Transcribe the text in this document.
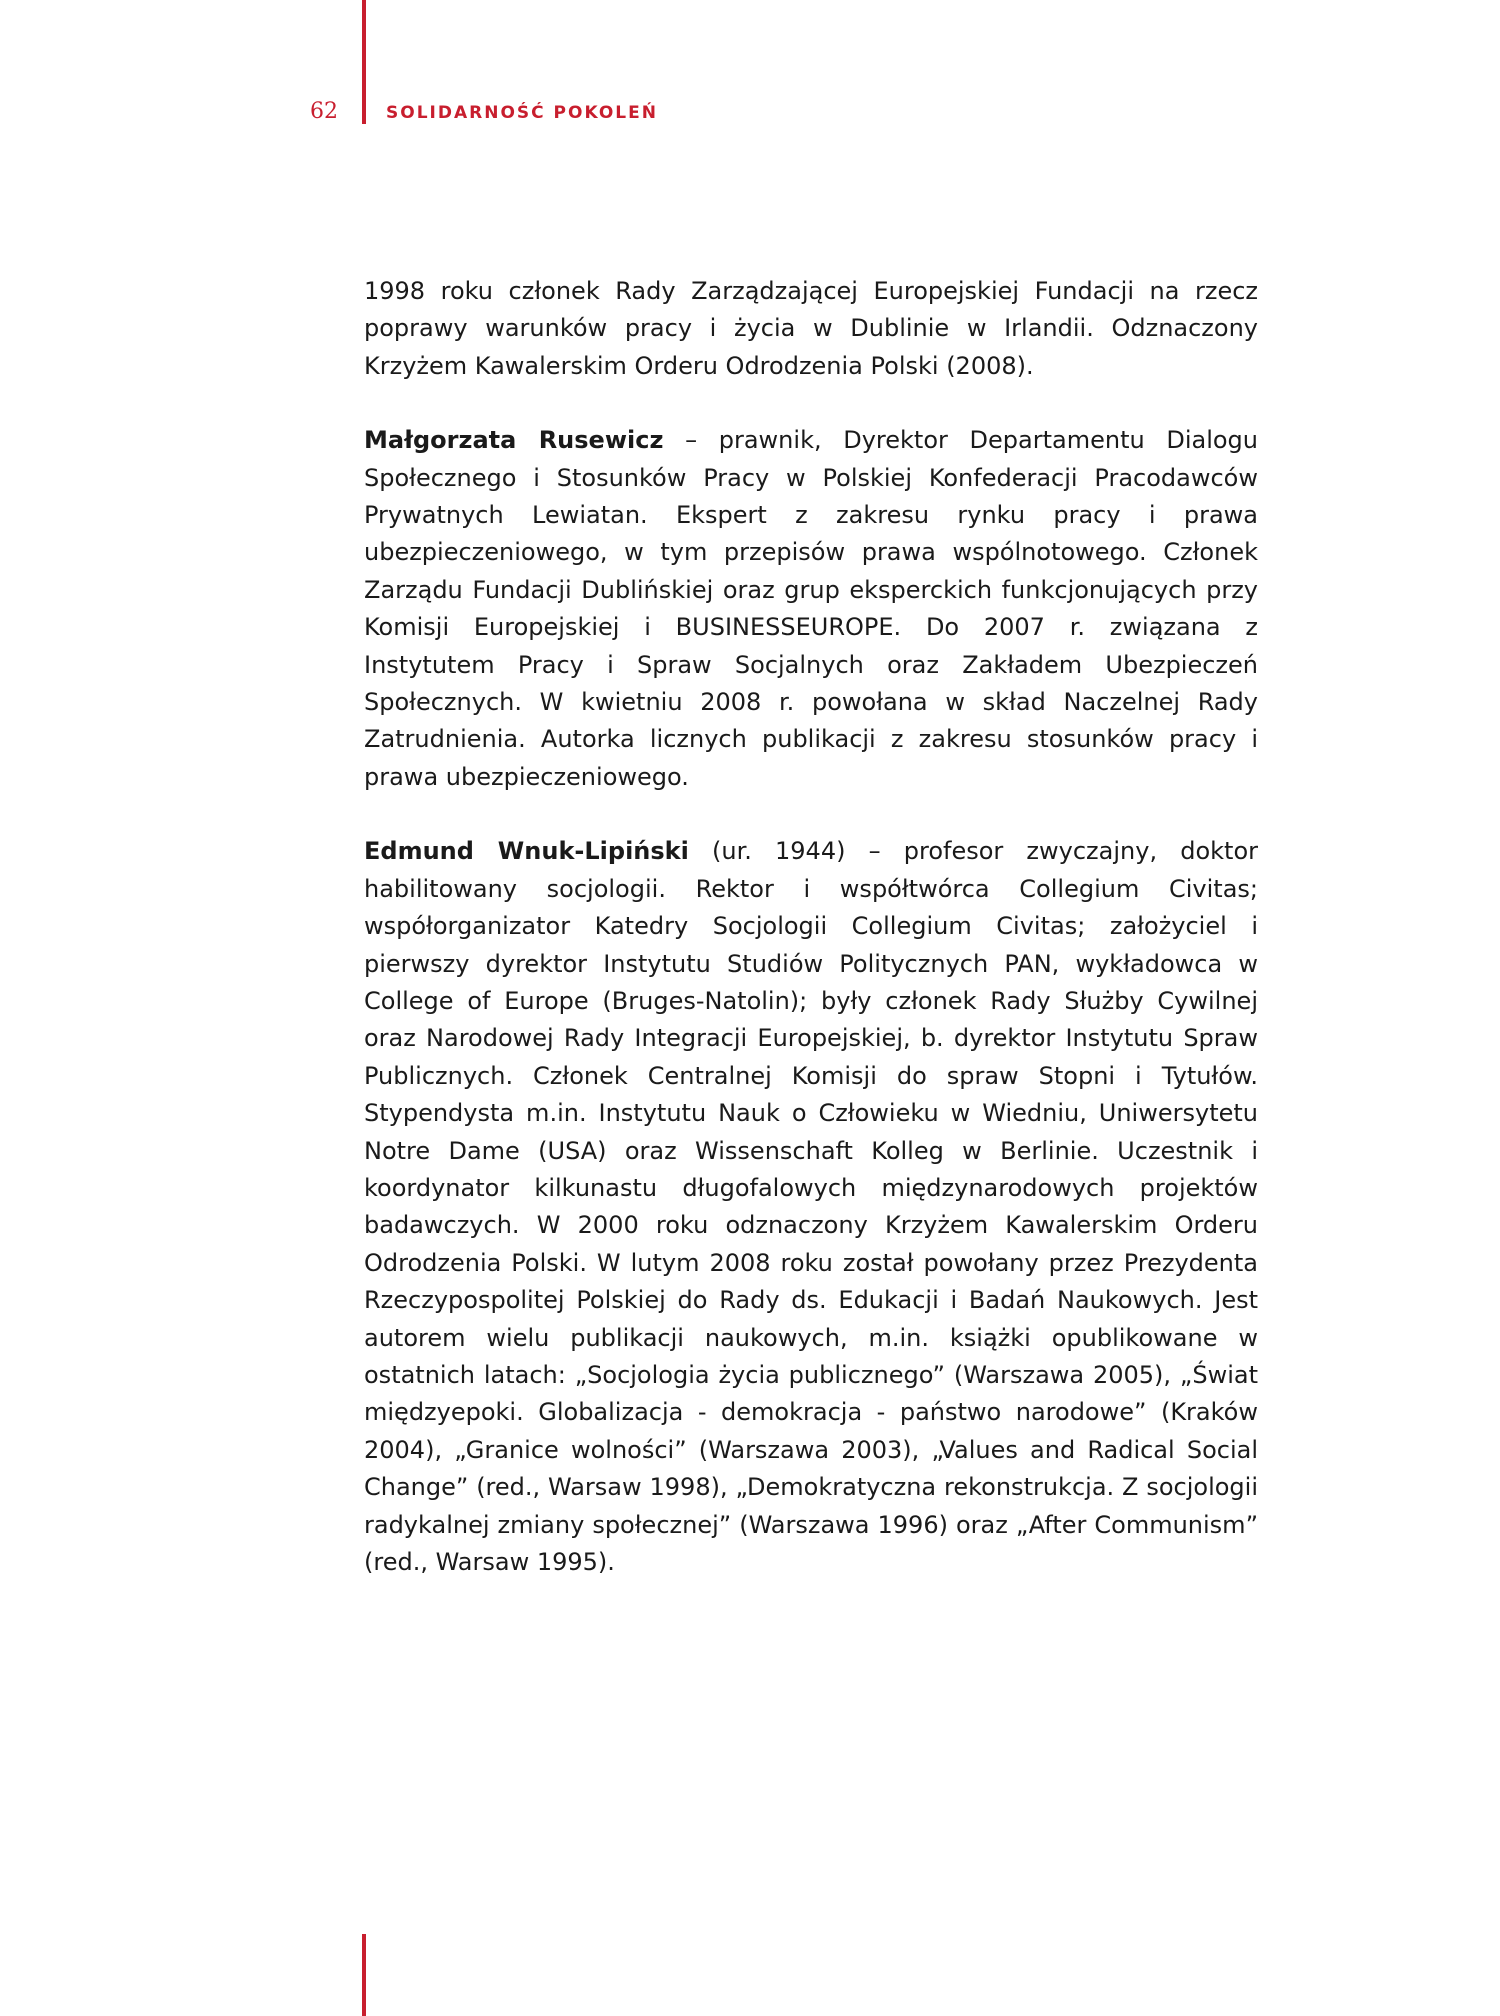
62	SOLIDARNOŚĆ POKOLEŃ

1998 roku członek Rady Zarządzającej Europejskiej Fundacji na rzecz poprawy warunków pracy i życia w Dublinie w Irlandii. Odznaczony Krzyżem Kawalerskim Orderu Odrodzenia Polski (2008).

Małgorzata Rusewicz – prawnik, Dyrektor Departamentu Dialogu Społecznego i Stosunków Pracy w Polskiej Konfederacji Pracodawców Prywatnych Lewiatan. Ekspert z zakresu rynku pracy i prawa ubezpieczeniowego, w tym przepisów prawa wspólnotowego. Członek Zarządu Fundacji Dublińskiej oraz grup eksperckich funkcjonujących przy Komisji Europejskiej i BUSINESSEUROPE. Do 2007 r. związana z Instytutem Pracy i Spraw Socjalnych oraz Zakładem Ubezpieczeń Społecznych. W kwietniu 2008 r. powołana w skład Naczelnej Rady Zatrudnienia. Autorka licznych publikacji z zakresu stosunków pracy i prawa ubezpieczeniowego.

Edmund Wnuk-Lipiński (ur. 1944) – profesor zwyczajny, doktor habilitowany socjologii. Rektor i współtwórca Collegium Civitas; współorganizator Katedry Socjologii Collegium Civitas; założyciel i pierwszy dyrektor Instytutu Studiów Politycznych PAN, wykładowca w College of Europe (Bruges-Natolin); były członek Rady Służby Cywilnej oraz Narodowej Rady Integracji Europejskiej, b. dyrektor Instytutu Spraw Publicznych. Członek Centralnej Komisji do spraw Stopni i Tytułów. Stypendysta m.in. Instytutu Nauk o Człowieku w Wiedniu, Uniwersytetu Notre Dame (USA) oraz Wissenschaft Kolleg w Berlinie. Uczestnik i koordynator kilkunastu długofalowych międzynarodowych projektów badawczych. W 2000 roku odznaczony Krzyżem Kawalerskim Orderu Odrodzenia Polski. W lutym 2008 roku został powołany przez Prezydenta Rzeczypospolitej Polskiej do Rady ds. Edukacji i Badań Naukowych. Jest autorem wielu publikacji naukowych, m.in. książki opublikowane w ostatnich latach: „Socjologia życia publicznego” (Warszawa 2005), „Świat międzyepoki. Globalizacja - demokracja - państwo narodowe” (Kraków 2004), „Granice wolności” (Warszawa 2003), „Values and Radical Social Change” (red., Warsaw 1998), „Demokratyczna rekonstrukcja. Z socjologii radykalnej zmiany społecznej” (Warszawa 1996) oraz „After Communism” (red., Warsaw 1995).
